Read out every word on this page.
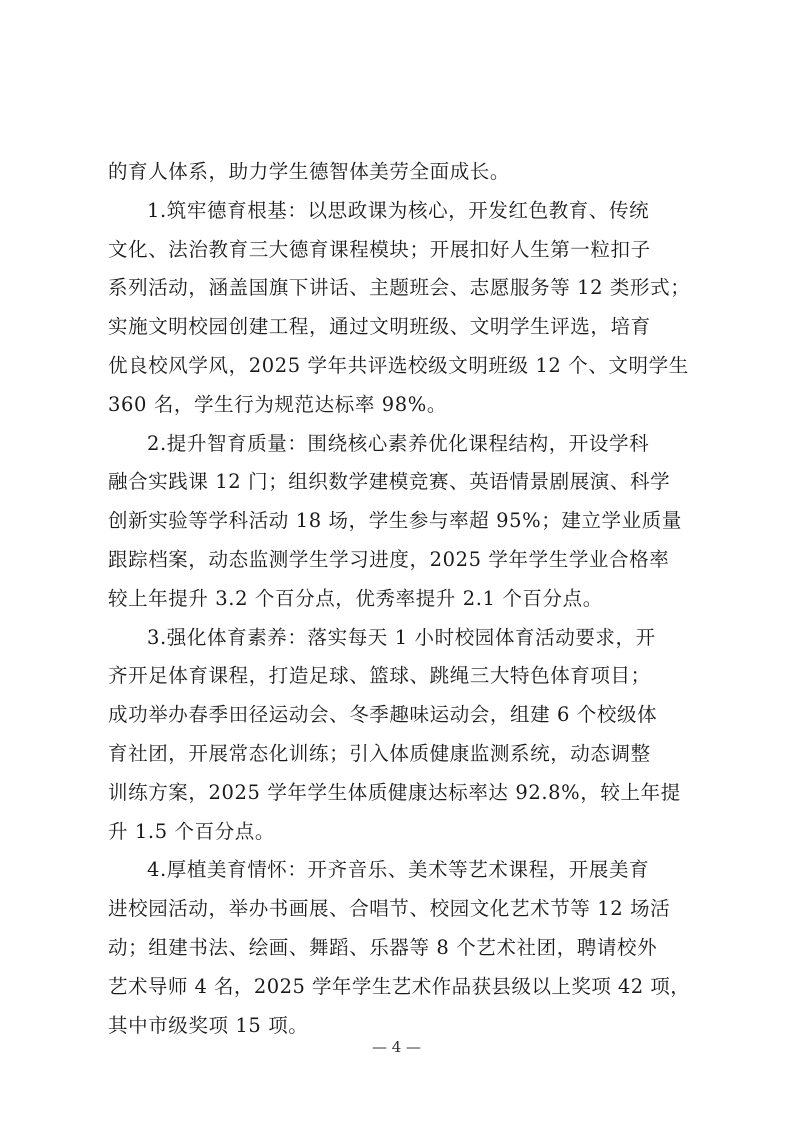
的育人体系，助力学生德智体美劳全面成长。

1.筑牢德育根基：以思政课为核心，开发红色教育、传统
文化、法治教育三大德育课程模块；开展扣好人生第一粒扣子
系列活动，涵盖国旗下讲话、主题班会、志愿服务等 12 类形式；
实施文明校园创建工程，通过文明班级、文明学生评选，培育
优良校风学风，2025 学年共评选校级文明班级 12 个、文明学生
360 名，学生行为规范达标率 98%。

2.提升智育质量：围绕核心素养优化课程结构，开设学科
融合实践课 12 门；组织数学建模竞赛、英语情景剧展演、科学
创新实验等学科活动 18 场，学生参与率超 95%；建立学业质量
跟踪档案，动态监测学生学习进度，2025 学年学生学业合格率
较上年提升 3.2 个百分点，优秀率提升 2.1 个百分点。

3.强化体育素养：落实每天 1 小时校园体育活动要求，开
齐开足体育课程，打造足球、篮球、跳绳三大特色体育项目；
成功举办春季田径运动会、冬季趣味运动会，组建 6 个校级体
育社团，开展常态化训练；引入体质健康监测系统，动态调整
训练方案，2025 学年学生体质健康达标率达 92.8%，较上年提
升 1.5 个百分点。

4.厚植美育情怀：开齐音乐、美术等艺术课程，开展美育
进校园活动，举办书画展、合唱节、校园文化艺术节等 12 场活
动；组建书法、绘画、舞蹈、乐器等 8 个艺术社团，聘请校外
艺术导师 4 名，2025 学年学生艺术作品获县级以上奖项 42 项，
其中市级奖项 15 项。

— 4 —
